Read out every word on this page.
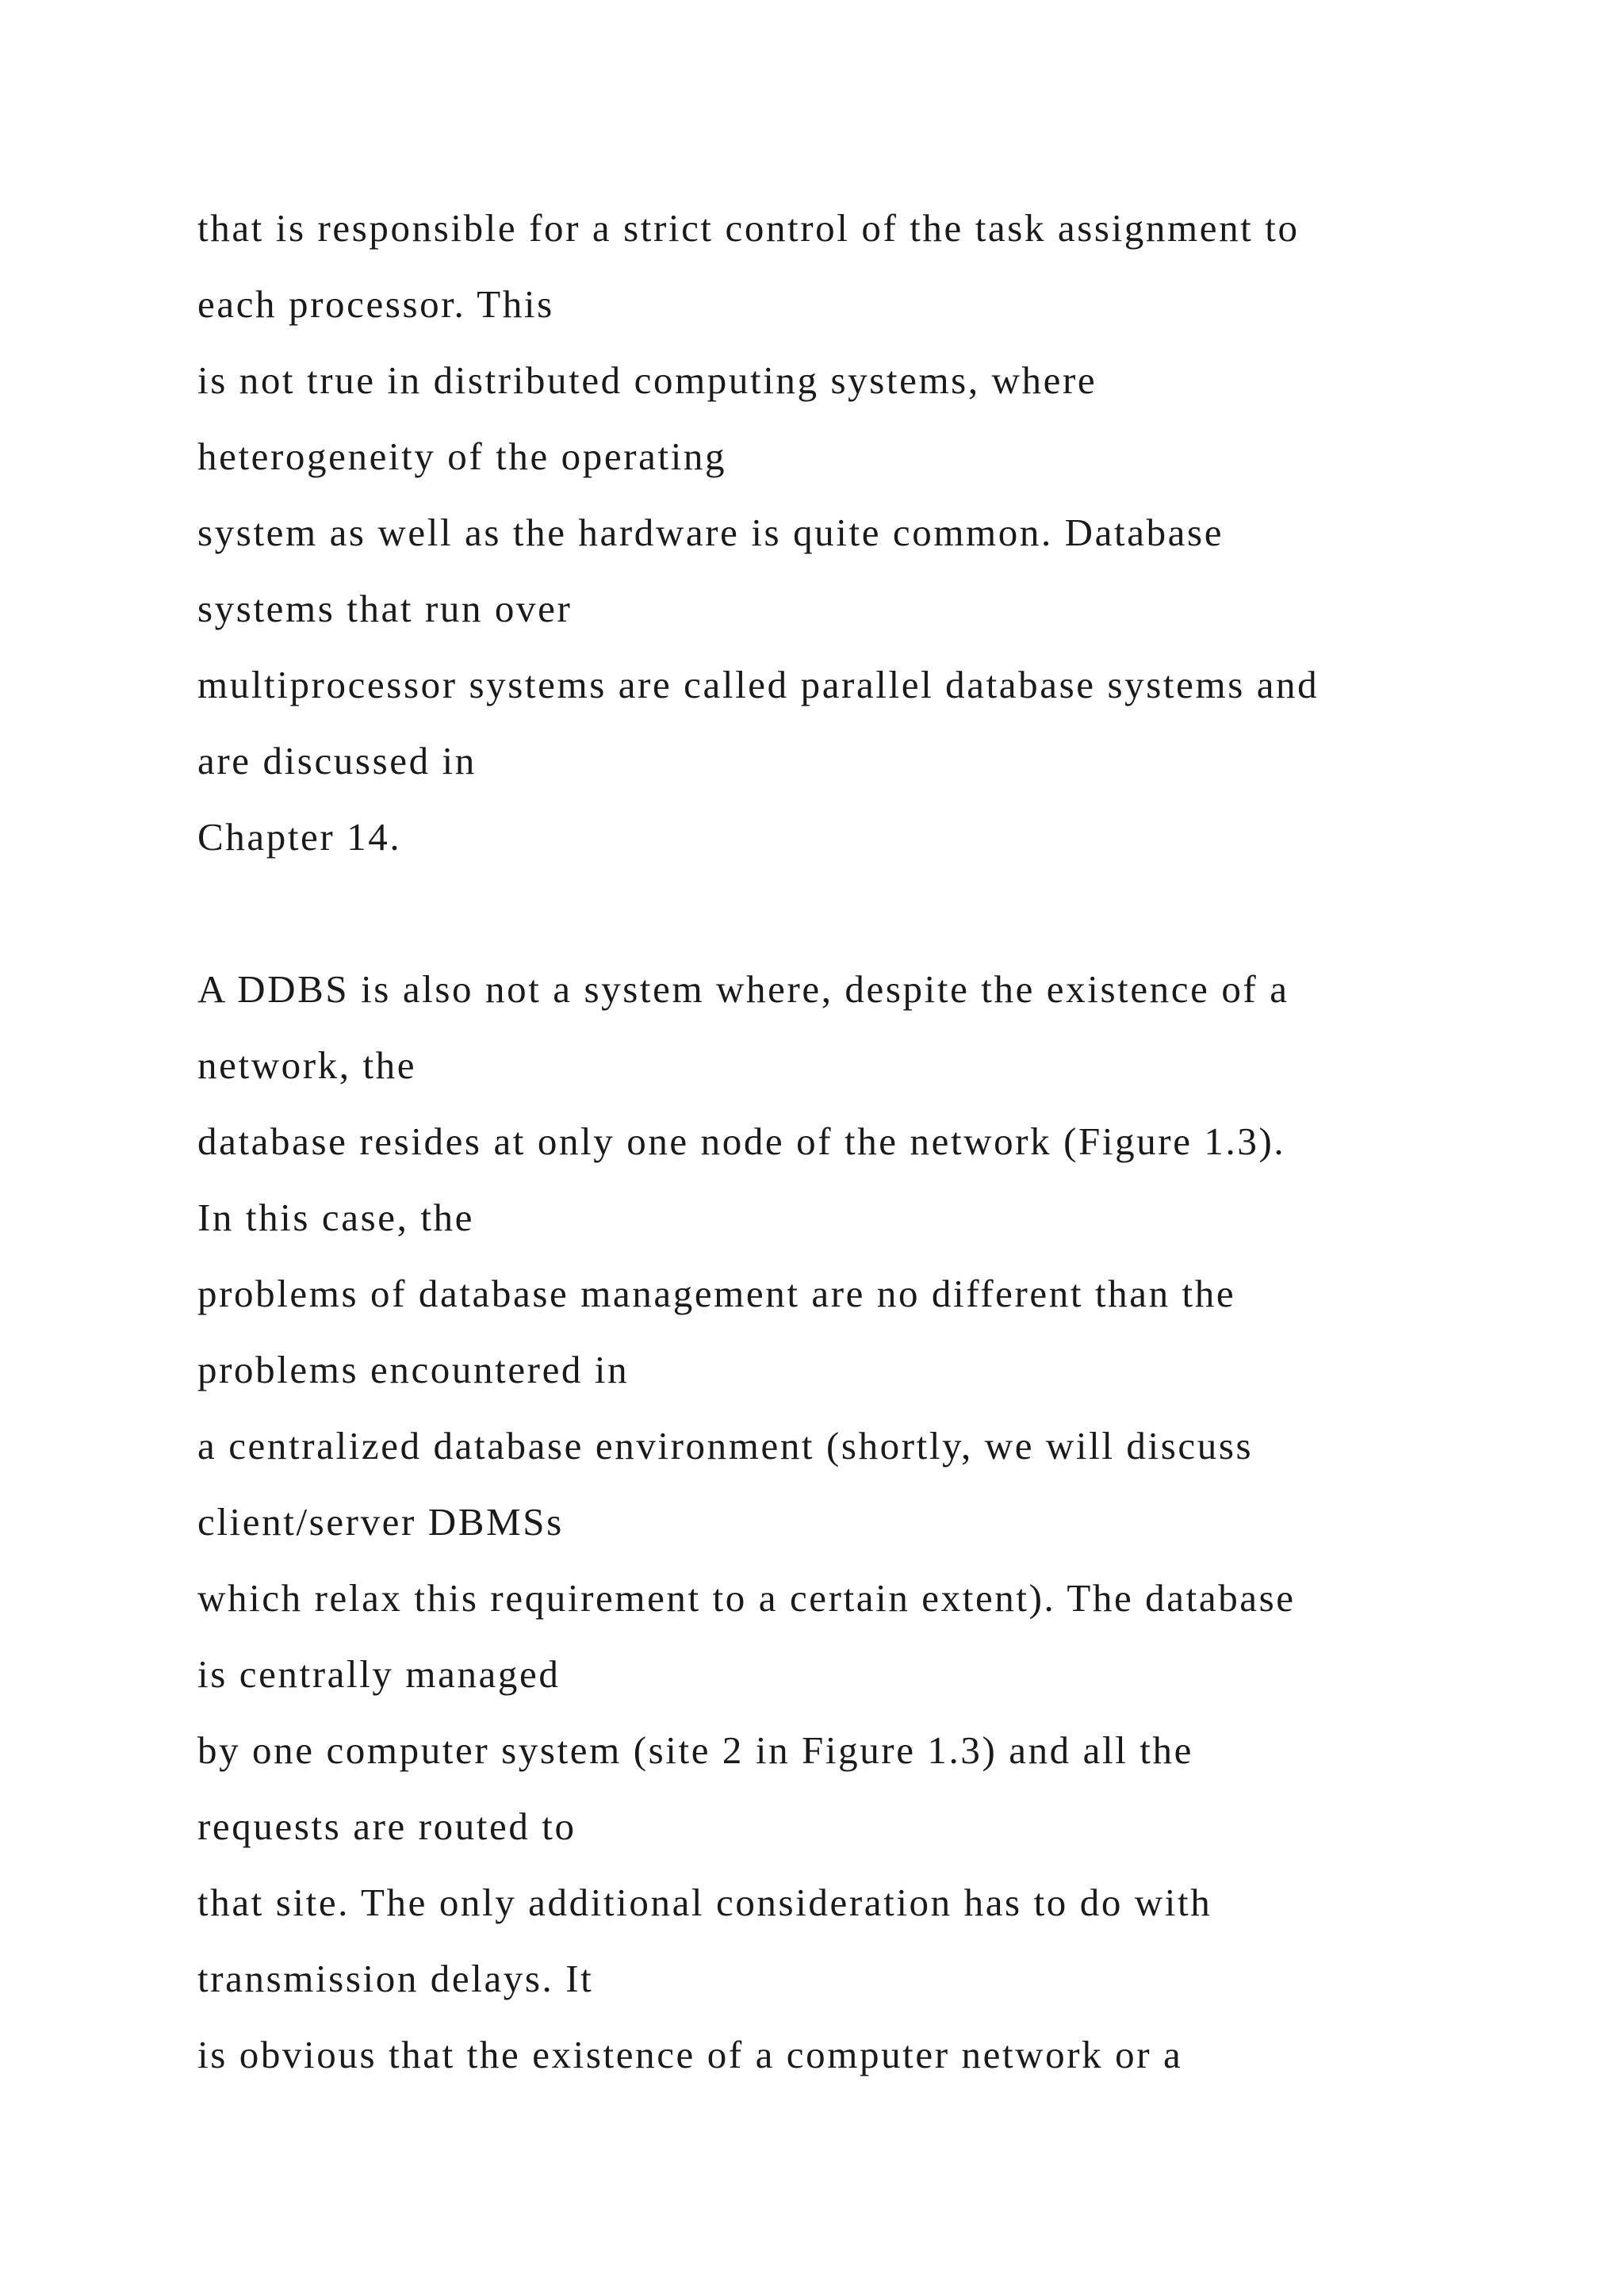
that is responsible for a strict control of the task assignment to
each processor. This
is not true in distributed computing systems, where
heterogeneity of the operating
system as well as the hardware is quite common. Database
systems that run over
multiprocessor systems are called parallel database systems and
are discussed in
Chapter 14.
A DDBS is also not a system where, despite the existence of a
network, the
database resides at only one node of the network (Figure 1.3).
In this case, the
problems of database management are no different than the
problems encountered in
a centralized database environment (shortly, we will discuss
client/server DBMSs
which relax this requirement to a certain extent). The database
is centrally managed
by one computer system (site 2 in Figure 1.3) and all the
requests are routed to
that site. The only additional consideration has to do with
transmission delays. It
is obvious that the existence of a computer network or a
